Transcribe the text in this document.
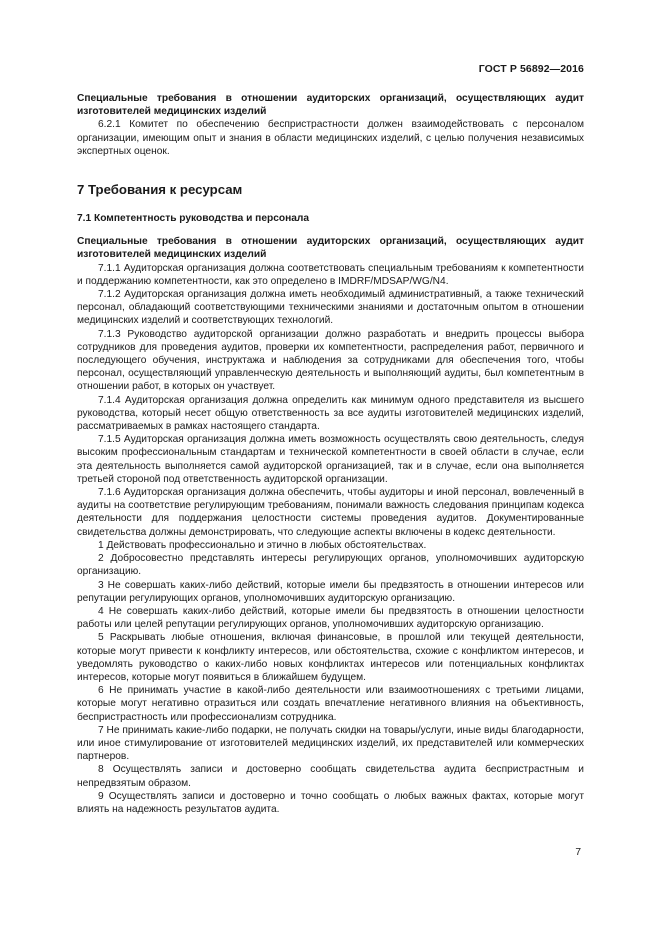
ГОСТ Р 56892—2016

Специальные требования в отношении аудиторских организаций, осуществляющих аудит изготовителей медицинских изделий

6.2.1 Комитет по обеспечению беспристрастности должен взаимодействовать с персоналом организации, имеющим опыт и знания в области медицинских изделий, с целью получения независимых экспертных оценок.

7 Требования к ресурсам
7.1 Компетентность руководства и персонала

Специальные требования в отношении аудиторских организаций, осуществляющих аудит изготовителей медицинских изделий

7.1.1 Аудиторская организация должна соответствовать специальным требованиям к компетентности и поддержанию компетентности, как это определено в IMDRF/MDSAP/WG/N4.

7.1.2 Аудиторская организация должна иметь необходимый административный, а также технический персонал, обладающий соответствующими техническими знаниями и достаточным опытом в отношении медицинских изделий и соответствующих технологий.

7.1.3 Руководство аудиторской организации должно разработать и внедрить процессы выбора сотрудников для проведения аудитов, проверки их компетентности, распределения работ, первичного и последующего обучения, инструктажа и наблюдения за сотрудниками для обеспечения того, чтобы персонал, осуществляющий управленческую деятельность и выполняющий аудиты, был компетентным в отношении работ, в которых он участвует.

7.1.4 Аудиторская организация должна определить как минимум одного представителя из высшего руководства, который несет общую ответственность за все аудиты изготовителей медицинских изделий, рассматриваемых в рамках настоящего стандарта.

7.1.5 Аудиторская организация должна иметь возможность осуществлять свою деятельность, следуя высоким профессиональным стандартам и технической компетентности в своей области в случае, если эта деятельность выполняется самой аудиторской организацией, так и в случае, если она выполняется третьей стороной под ответственность аудиторской организации.

7.1.6 Аудиторская организация должна обеспечить, чтобы аудиторы и иной персонал, вовлеченный в аудиты на соответствие регулирующим требованиям, понимали важность следования принципам кодекса деятельности для поддержания целостности системы проведения аудитов. Документированные свидетельства должны демонстрировать, что следующие аспекты включены в кодекс деятельности.

1 Действовать профессионально и этично в любых обстоятельствах.

2 Добросовестно представлять интересы регулирующих органов, уполномочивших аудиторскую организацию.

3 Не совершать каких-либо действий, которые имели бы предвзятость в отношении интересов или репутации регулирующих органов, уполномочивших аудиторскую организацию.

4 Не совершать каких-либо действий, которые имели бы предвзятость в отношении целостности работы или целей репутации регулирующих органов, уполномочивших аудиторскую организацию.

5 Раскрывать любые отношения, включая финансовые, в прошлой или текущей деятельности, которые могут привести к конфликту интересов, или обстоятельства, схожие с конфликтом интересов, и уведомлять руководство о каких-либо новых конфликтах интересов или потенциальных конфликтах интересов, которые могут появиться в ближайшем будущем.

6 Не принимать участие в какой-либо деятельности или взаимоотношениях с третьими лицами, которые могут негативно отразиться или создать впечатление негативного влияния на объективность, беспристрастность или профессионализм сотрудника.

7 Не принимать какие-либо подарки, не получать скидки на товары/услуги, иные виды благодарности, или иное стимулирование от изготовителей медицинских изделий, их представителей или коммерческих партнеров.

8 Осуществлять записи и достоверно сообщать свидетельства аудита беспристрастным и непредвзятым образом.

9 Осуществлять записи и достоверно и точно сообщать о любых важных фактах, которые могут влиять на надежность результатов аудита.

7
